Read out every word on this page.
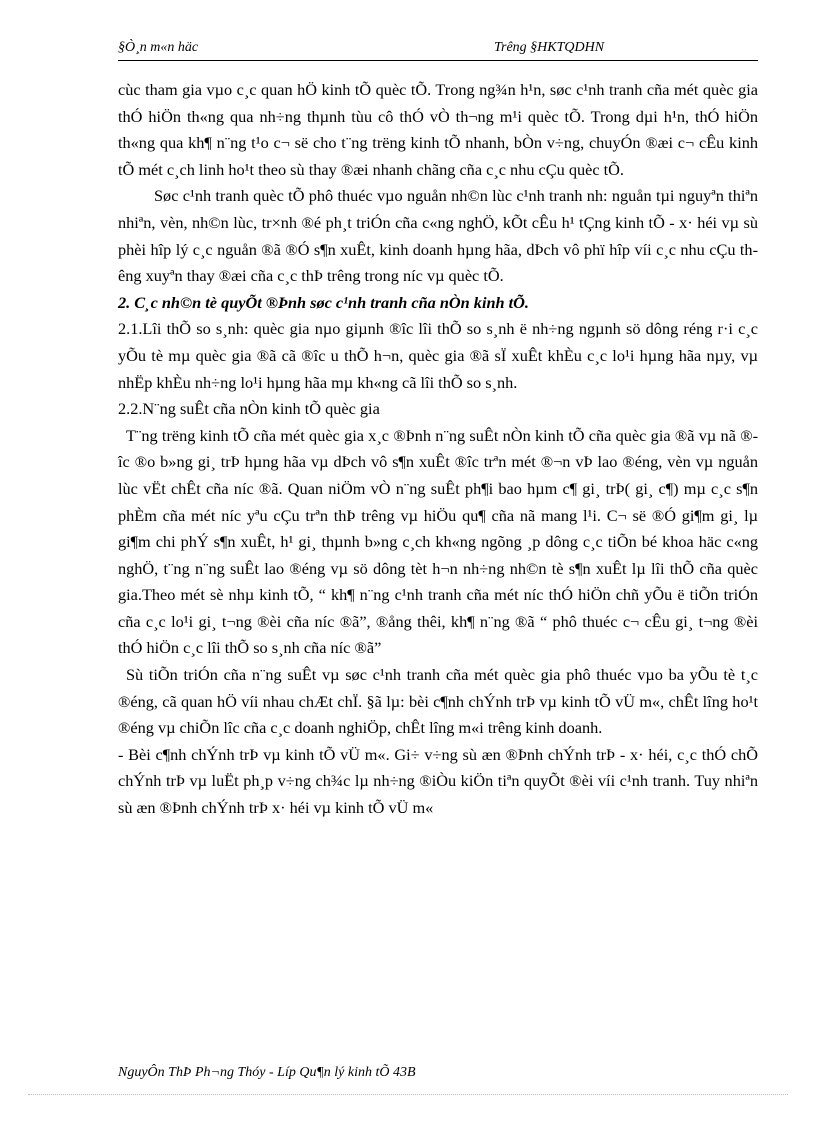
§Ò¸n m«n häc	Trêng §HKTQDHN

cùc tham gia vµo c¸c quan hÖ kinh tÕ quèc tÕ. Trong ng¾n h¹n, søc c¹nh tranh cña mét quèc gia thÓ hiÖn th«ng qua nh÷ng thµnh tùu cô thÓ vÒ th¬ng m¹i quèc tÕ. Trong dµi h¹n, thÓ hiÖn th«ng qua kh¶ n¨ng t¹o c¬ së cho t¨ng trëng kinh tÕ nhanh, bÒn v÷ng, chuyÓn ®æi c¬ cÊu kinh tÕ mét c¸ch linh ho¹t theo sù thay ®æi nhanh chãng cña c¸c nhu cÇu quèc tÕ.

Søc c¹nh tranh quèc tÕ phô thuéc vµo nguån nh©n lùc c¹nh tranh nh: nguån tµi nguyªn thiªn nhiªn, vèn, nh©n lùc, tr×nh ®é ph¸t triÓn cña c«ng nghÖ, kÕt cÊu h¹ tÇng kinh tÕ - x· héi vµ sù phèi hîp lý c¸c nguån ®ã ®Ó s¶n xuÊt, kinh doanh hµng hãa, dÞch vô phï hîp víi c¸c nhu cÇu thêng xuyªn thay ®æi cña c¸c thÞ trêng trong níc vµ quèc tÕ.

2. C¸c nh©n tè quyÕt ®Þnh søc c¹nh tranh cña nÒn kinh tÕ.

2.1.Lîi thÕ so s¸nh: quèc gia nµo giµnh ®îc lîi thÕ so s¸nh ë nh÷ng ngµnh sö dông réng r·i c¸c yÕu tè mµ quèc gia ®ã cã ®îc u thÕ h¬n, quèc gia ®ã sÏ xuÊt khÈu c¸c lo¹i hµng hãa nµy, vµ nhËp khÈu nh÷ng lo¹i hµng hãa mµ kh«ng cã lîi thÕ so s¸nh.

2.2.N¨ng suÊt cña nÒn kinh tÕ quèc gia

T¨ng trëng kinh tÕ cña mét quèc gia x¸c ®Þnh n¨ng suÊt nÒn kinh tÕ cña quèc gia ®ã vµ nã ®îc ®o b»ng gi¸ trÞ hµng hãa vµ dÞch vô s¶n xuÊt ®îc trªn mét ®¬n vÞ lao ®éng, vèn vµ nguån lùc vËt chÊt cña níc ®ã. Quan niÖm vÒ n¨ng suÊt ph¶i bao hµm c¶ gi¸ trÞ( gi¸ c¶) mµ c¸c s¶n phÈm cña mét níc yªu cÇu trªn thÞ trêng vµ hiÖu qu¶ cña nã mang l¹i. C¬ së ®Ó gi¶m gi¸ lµ gi¶m chi phÝ s¶n xuÊt, h¹ gi¸ thµnh b»ng c¸ch kh«ng ngõng ¸p dông c¸c tiÕn bé khoa häc c«ng nghÖ, t¨ng n¨ng suÊt lao ®éng vµ sö dông tèt h¬n nh÷ng nh©n tè s¶n xuÊt lµ lîi thÕ cña quèc gia.Theo mét sè nhµ kinh tÕ, “ kh¶ n¨ng c¹nh tranh cña mét níc thÓ hiÖn chñ yÕu ë tiÕn triÓn cña c¸c lo¹i gi¸ t¬ng ®èi cña níc ®ã”, ®ång thêi, kh¶ n¨ng ®ã “ phô thuéc c¬ cÊu gi¸ t¬ng ®èi thÓ hiÖn c¸c lîi thÕ so s¸nh cña níc ®ã”

Sù tiÕn triÓn cña n¨ng suÊt vµ søc c¹nh tranh cña mét quèc gia phô thuéc vµo ba yÕu tè t¸c ®éng, cã quan hÖ víi nhau chÆt chÏ. §ã lµ: bèi c¶nh chÝnh trÞ vµ kinh tÕ vÜ m«, chÊt lîng ho¹t ®éng vµ chiÕn lîc cña c¸c doanh nghiÖp, chÊt lîng m«i trêng kinh doanh.

- Bèi c¶nh chÝnh trÞ vµ kinh tÕ vÜ m«. Gi÷ v÷ng sù æn ®Þnh chÝnh trÞ - x· héi, c¸c thÓ chÕ chÝnh trÞ vµ luËt ph¸p v÷ng ch¾c lµ nh÷ng ®iÒu kiÖn tiªn quyÕt ®èi víi c¹nh tranh. Tuy nhiªn sù æn ®Þnh chÝnh trÞ x· héi vµ kinh tÕ vÜ m«

NguyÔn ThÞ Ph¬ng Thóy - Líp Qu¶n lý kinh tÕ 43B
